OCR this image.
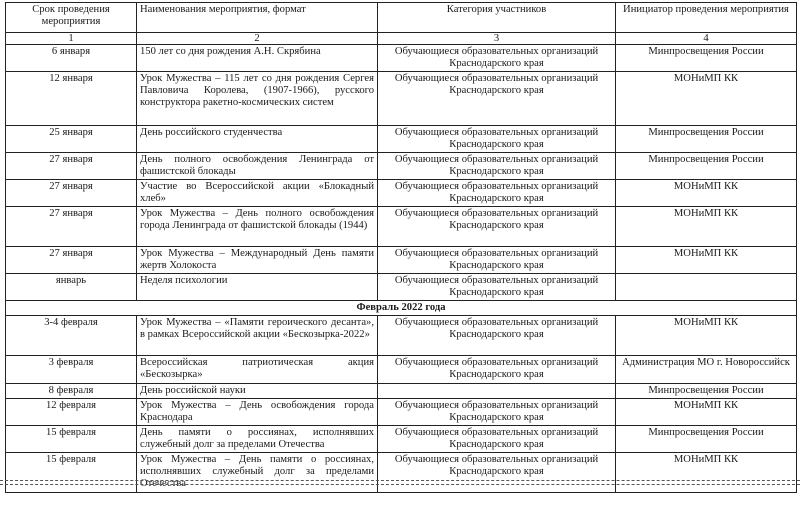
Срок проведения мероприятия	Наименования мероприятия, формат	Категория участников	Инициатор проведения мероприятия
1	2	3	4
6 января	150 лет со дня рождения А.Н. Скрябина	Обучающиеся образовательных организаций Краснодарского края	Минпросвещения России
12 января	Урок Мужества – 115 лет со дня рождения Сергея Павловича Королева, (1907-1966), русского конструктора ракетно-космических систем	Обучающиеся образовательных организаций Краснодарского края	МОНиМП КК
25 января	День российского студенчества	Обучающиеся образовательных организаций Краснодарского края	Минпросвещения России
27 января	День полного освобождения Ленинграда от фашистской блокады	Обучающиеся образовательных организаций Краснодарского края	Минпросвещения России
27 января	Участие во Всероссийской акции «Блокадный хлеб»	Обучающиеся образовательных организаций Краснодарского края	МОНиМП КК
27 января	Урок Мужества – День полного освобождения города Ленинграда от фашистской блокады (1944)	Обучающиеся образовательных организаций Краснодарского края	МОНиМП КК
27 января	Урок Мужества – Международный День памяти жертв Холокоста	Обучающиеся образовательных организаций Краснодарского края	МОНиМП КК
январь	Неделя психологии	Обучающиеся образовательных организаций Краснодарского края	
Февраль 2022 года			
3-4 февраля	Урок Мужества – «Памяти героического десанта», в рамках Всероссийской акции «Бескозырка-2022»	Обучающиеся образовательных организаций Краснодарского края	МОНиМП КК
3 февраля	Всероссийская патриотическая акция «Бескозырка»	Обучающиеся образовательных организаций Краснодарского края	Администрация МО г. Новороссийск
8 февраля	День российской науки		Минпросвещения России
12 февраля	Урок Мужества – День освобождения города Краснодара	Обучающиеся образовательных организаций Краснодарского края	МОНиМП КК
15 февраля	День памяти о россиянах, исполнявших служебный долг за пределами Отечества	Обучающиеся образовательных организаций Краснодарского края	Минпросвещения России
15 февраля	Урок Мужества – День памяти о россиянах, исполнявших служебный долг за пределами Отечества	Обучающиеся образовательных организаций Краснодарского края	МОНиМП КК
